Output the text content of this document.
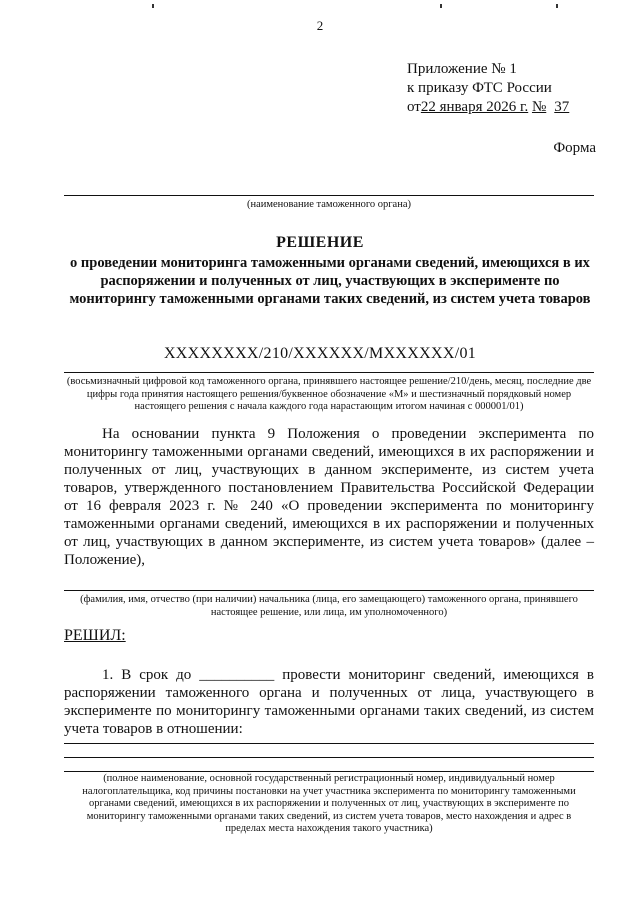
2
Приложение № 1
к приказу ФТС России
от22 января 2026 г. № 37
Форма
(наименование таможенного органа)
РЕШЕНИЕ
о проведении мониторинга таможенными органами сведений, имеющихся в их распоряжении и полученных от лиц, участвующих в эксперименте по мониторингу таможенными органами таких сведений, из систем учета товаров
XXXXXXXX/210/XXXXXX/MXXXXXX/01
(восьмизначный цифровой код таможенного органа, принявшего настоящее решение/210/день, месяц, последние две цифры года принятия настоящего решения/буквенное обозначение «М» и шестизначный порядковый номер настоящего решения с начала каждого года нарастающим итогом начиная с 000001/01)
На основании пункта 9 Положения о проведении эксперимента по мониторингу таможенными органами сведений, имеющихся в их распоряжении и полученных от лиц, участвующих в данном эксперименте, из систем учета товаров, утвержденного постановлением Правительства Российской Федерации от 16 февраля 2023 г. № 240 «О проведении эксперимента по мониторингу таможенными органами сведений, имеющихся в их распоряжении и полученных от лиц, участвующих в данном эксперименте, из систем учета товаров» (далее – Положение),
(фамилия, имя, отчество (при наличии) начальника (лица, его замещающего) таможенного органа, принявшего настоящее решение, или лица, им уполномоченного)
РЕШИЛ:
1. В срок до __________ провести мониторинг сведений, имеющихся в распоряжении таможенного органа и полученных от лица, участвующего в эксперименте по мониторингу таможенными органами таких сведений, из систем учета товаров в отношении:
(полное наименование, основной государственный регистрационный номер, индивидуальный номер налогоплательщика, код причины постановки на учет участника эксперимента по мониторингу таможенными органами сведений, имеющихся в их распоряжении и полученных от лиц, участвующих в эксперименте по мониторингу таможенными органами таких сведений, из систем учета товаров, место нахождения и адрес в пределах места нахождения такого участника)
